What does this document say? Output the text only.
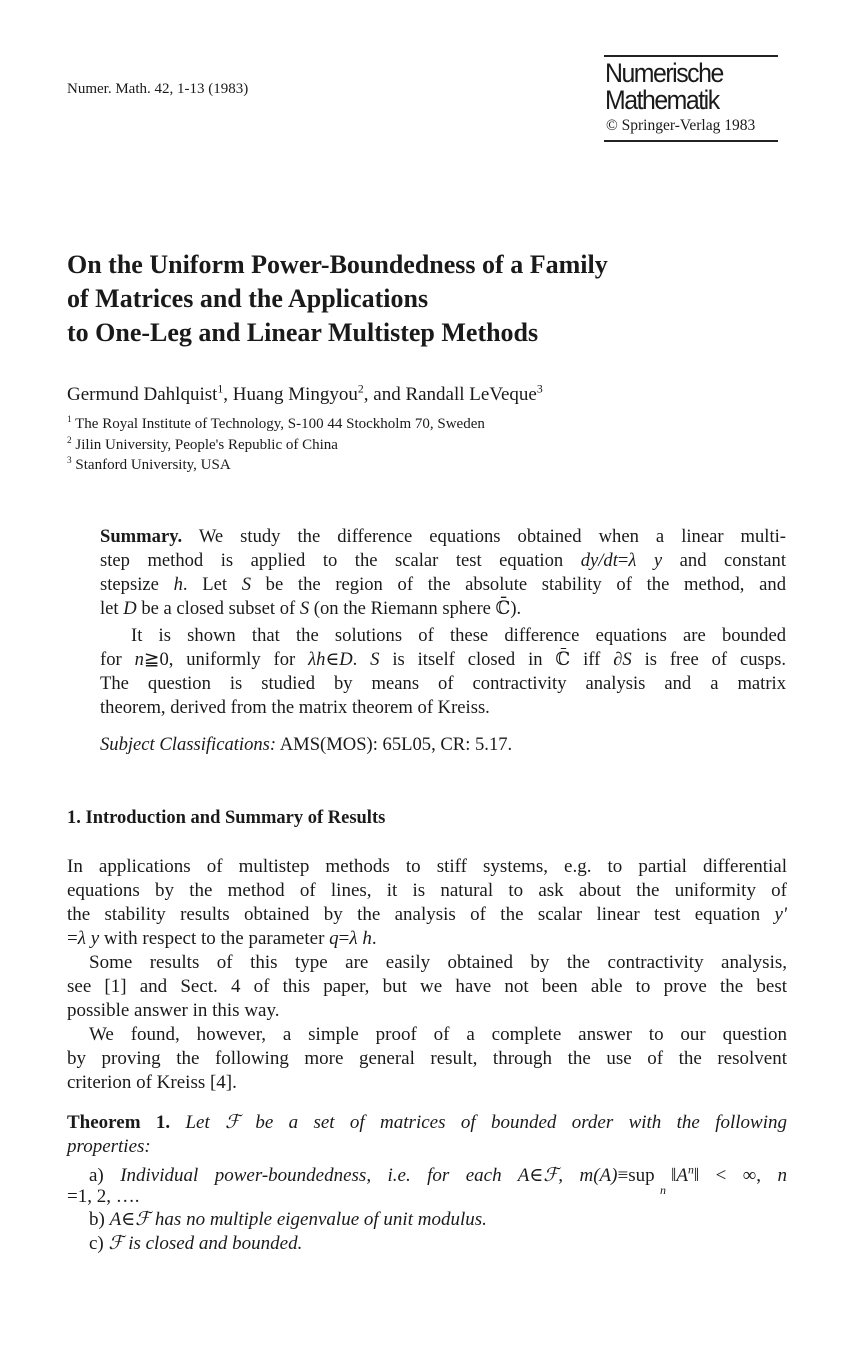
Numer. Math. 42, 1-13 (1983)
Numerische
Mathematik
© Springer-Verlag 1983
On the Uniform Power-Boundedness of a Family
of Matrices and the Applications
to One-Leg and Linear Multistep Methods
Germund Dahlquist$^1$, Huang Mingyou$^2$, and Randall LeVeque$^3$
$^1$ The Royal Institute of Technology, S-100 44 Stockholm 70, Sweden
$^2$ Jilin University, People's Republic of China
$^3$ Stanford University, USA
Summary. We study the difference equations obtained when a linear multi-
step method is applied to the scalar test equation dy/dt=λ y and constant
stepsize h. Let S be the region of the absolute stability of the method, and
let D be a closed subset of S (on the Riemann sphere ℂ̄).
It is shown that the solutions of these difference equations are bounded
for n≧0, uniformly for λh∈D. S is itself closed in ℂ̄ iff ∂S is free of cusps.
The question is studied by means of contractivity analysis and a matrix
theorem, derived from the matrix theorem of Kreiss.
Subject Classifications: AMS(MOS): 65L05, CR: 5.17.
1. Introduction and Summary of Results
In applications of multistep methods to stiff systems, e.g. to partial differential
equations by the method of lines, it is natural to ask about the uniformity of
the stability results obtained by the analysis of the scalar linear test equation y'
=λ y with respect to the parameter q=λ h.
Some results of this type are easily obtained by the contractivity analysis,
see [1] and Sect. 4 of this paper, but we have not been able to prove the best
possible answer in this way.
We found, however, a simple proof of a complete answer to our question
by proving the following more general result, through the use of the resolvent
criterion of Kreiss [4].
Theorem 1. Let ℱ be a set of matrices of bounded order with the following
properties:
a) Individual power-boundedness, i.e. for each A∈ℱ, m(A)≡sup $‖A^n‖$ < ∞, n
n
=1, 2, ….
b) A∈ℱ has no multiple eigenvalue of unit modulus.
c) ℱ is closed and bounded.
